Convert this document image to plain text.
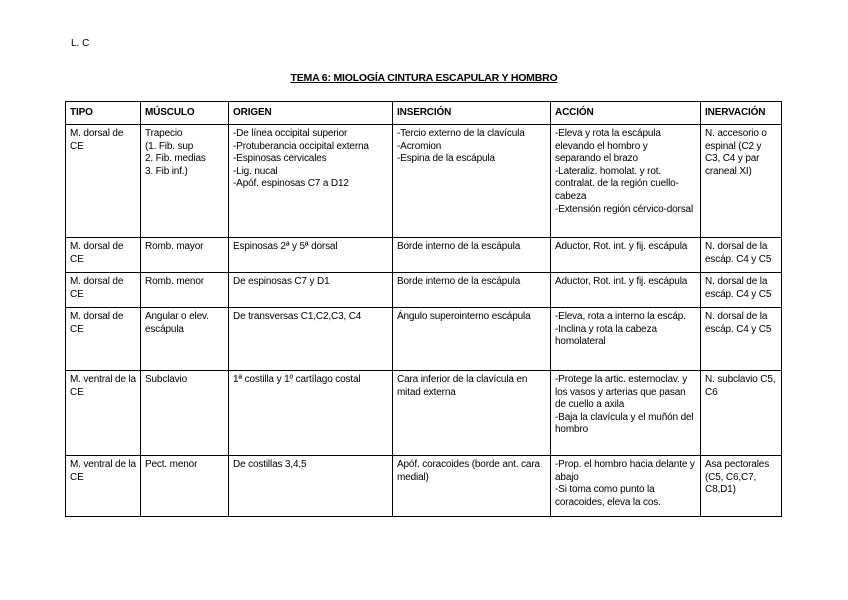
L. C
TEMA 6: MIOLOGÍA CINTURA ESCAPULAR Y HOMBRO
TIPO	MÚSCULO	ORIGEN	INSERCIÓN	ACCIÓN	INERVACIÓN
M. dorsal de CE	Trapecio
(1. Fib. sup
2. Fib. medias
3. Fib inf.)	-De línea occipital superior
-Protuberancia occipital externa
-Espinosas cervicales
-Lig. nucal
-Apóf. espinosas C7 a D12	-Tercio externo de la clavícula
-Acromion
-Espina de la escápula	-Eleva y rota la escápula elevando el hombro y separando el brazo
-Lateraliz. homolat. y rot. contralat. de la región cuello-cabeza
-Extensión región cérvico-dorsal	N. accesorio o espinal (C2 y C3, C4 y par craneal XI)
M. dorsal de CE	Romb. mayor	Espinosas 2ª y 5ª dorsal	Borde interno de la escápula	Aductor, Rot. int. y fij. escápula	N. dorsal de la escáp. C4 y C5
M. dorsal de CE	Romb. menor	De espinosas C7 y D1	Borde interno de la escápula	Aductor, Rot. int. y fij. escápula	N. dorsal de la escáp. C4 y C5
M. dorsal de CE	Angular o elev. escápula	De transversas C1,C2,C3, C4	Ángulo superointerno escápula	-Eleva, rota a interno la escáp.
-Inclina y rota la cabeza homolateral	N. dorsal de la escáp. C4 y C5
M. ventral de la CE	Subclavio	1ª costilla y 1º cartílago costal	Cara inferior de la clavícula en mitad externa	-Protege la artic. esternoclav. y los vasos y arterias que pasan de cuello a axila
-Baja la clavícula y el muñón del hombro	N. subclavio C5, C6
M. ventral de la CE	Pect. menor	De costillas 3,4,5	Apóf. coracoides (borde ant. cara medial)	-Prop. el hombro hacia delante y abajo
-Si toma como punto la coracoides, eleva la cos.	Asa pectorales (C5, C6,C7, C8,D1)
